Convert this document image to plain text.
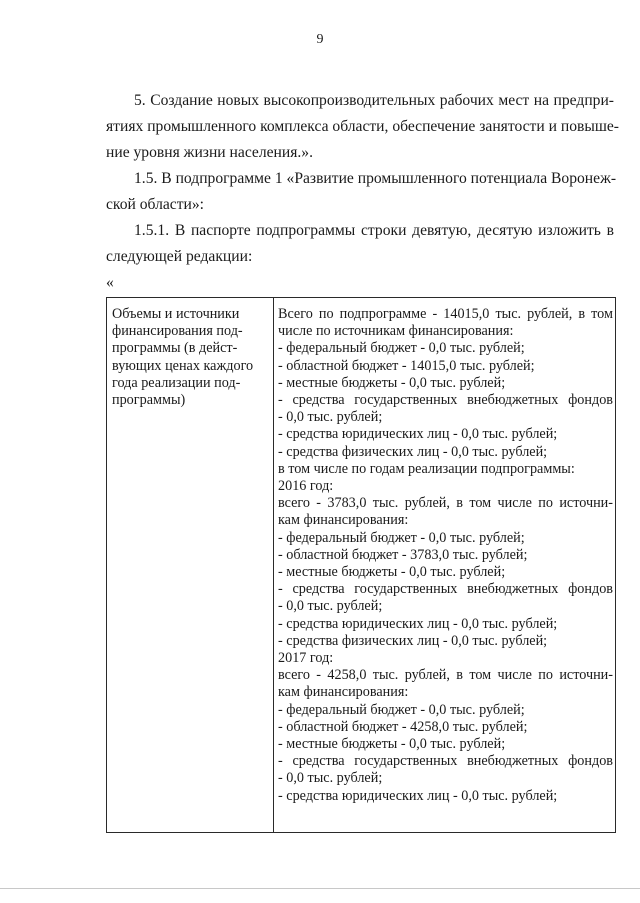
9
5. Создание новых высокопроизводительных рабочих мест на предпри-
ятиях промышленного комплекса области, обеспечение занятости и повыше-
ние уровня жизни населения.».
1.5. В подпрограмме 1 «Развитие промышленного потенциала Воронеж-
ской области»:
1.5.1. В паспорте подпрограммы строки девятую, десятую изложить в
следующей редакции:
«
Объемы и источники
финансирования под-
программы (в дейст-
вующих ценах каждого
года реализации под-
программы)
Всего по подпрограмме - 14015,0 тыс. рублей, в том
числе по источникам финансирования:
- федеральный бюджет - 0,0 тыс. рублей;
- областной бюджет - 14015,0 тыс. рублей;
- местные бюджеты - 0,0 тыс. рублей;
- средства государственных внебюджетных фондов
- 0,0 тыс. рублей;
- средства юридических лиц - 0,0 тыс. рублей;
- средства физических лиц - 0,0 тыс. рублей;
в том числе по годам реализации подпрограммы:
2016 год:
всего - 3783,0 тыс. рублей, в том числе по источни-
кам финансирования:
- федеральный бюджет - 0,0 тыс. рублей;
- областной бюджет - 3783,0 тыс. рублей;
- местные бюджеты - 0,0 тыс. рублей;
- средства государственных внебюджетных фондов
- 0,0 тыс. рублей;
- средства юридических лиц - 0,0 тыс. рублей;
- средства физических лиц - 0,0 тыс. рублей;
2017 год:
всего - 4258,0 тыс. рублей, в том числе по источни-
кам финансирования:
- федеральный бюджет - 0,0 тыс. рублей;
- областной бюджет - 4258,0 тыс. рублей;
- местные бюджеты - 0,0 тыс. рублей;
- средства государственных внебюджетных фондов
- 0,0 тыс. рублей;
- средства юридических лиц - 0,0 тыс. рублей;
